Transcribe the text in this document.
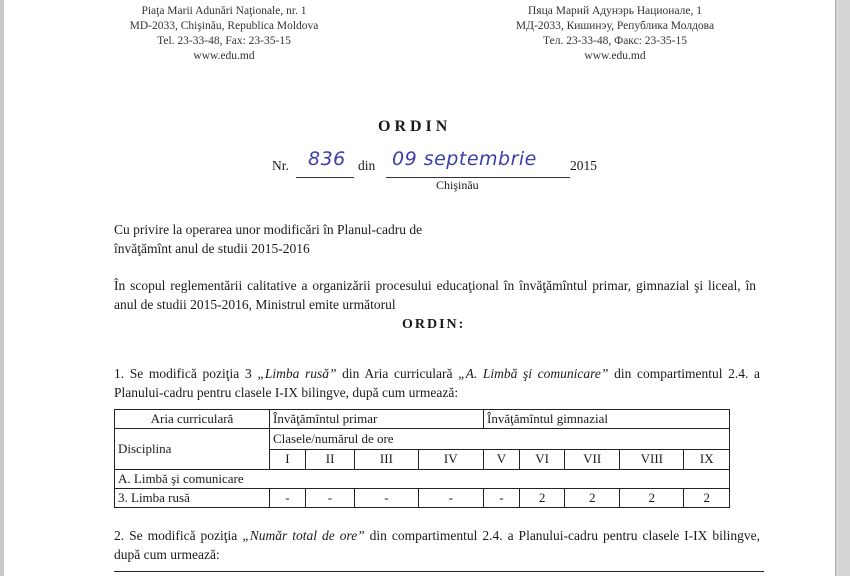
Piaţa Marii Adunări Naţionale, nr. 1
MD-2033, Chişinău, Republica Moldova
Tel. 23-33-48, Fax: 23-35-15
www.edu.md
Пяца Марий Адунэрь Национале, 1
МД-2033, Кишинэу, Република Молдова
Тел. 23-33-48, Факс: 23-35-15
www.edu.md
ORDIN
Nr. 836 din 09 septembrie 2015
Chişinău
Cu privire la operarea unor modificări în Planul-cadru de
învăţămînt anul de studii 2015-2016
În scopul reglementării calitative a organizării procesului educaţional în învăţămîntul primar, gimnazial şi liceal, în anul de studii 2015-2016, Ministrul emite următorul
ORDIN:
1. Se modifică poziţia 3 „Limba rusă” din Aria curriculară „A. Limbă şi comunicare” din compartimentul 2.4. a Planului-cadru pentru clasele I-IX bilingve, după cum urmează:
Aria curriculară	Învăţămîntul primar				Învăţămîntul gimnazial				
Disciplina	Clasele/numărul de ore								
	I	II	III	IV	V	VI	VII	VIII	IX
A. Limbă şi comunicare									
3. Limba rusă	-	-	-	-	-	2	2	2	2
2. Se modifică poziţia „Număr total de ore” din compartimentul 2.4. a Planului-cadru pentru clasele I-IX bilingve, după cum urmează:
